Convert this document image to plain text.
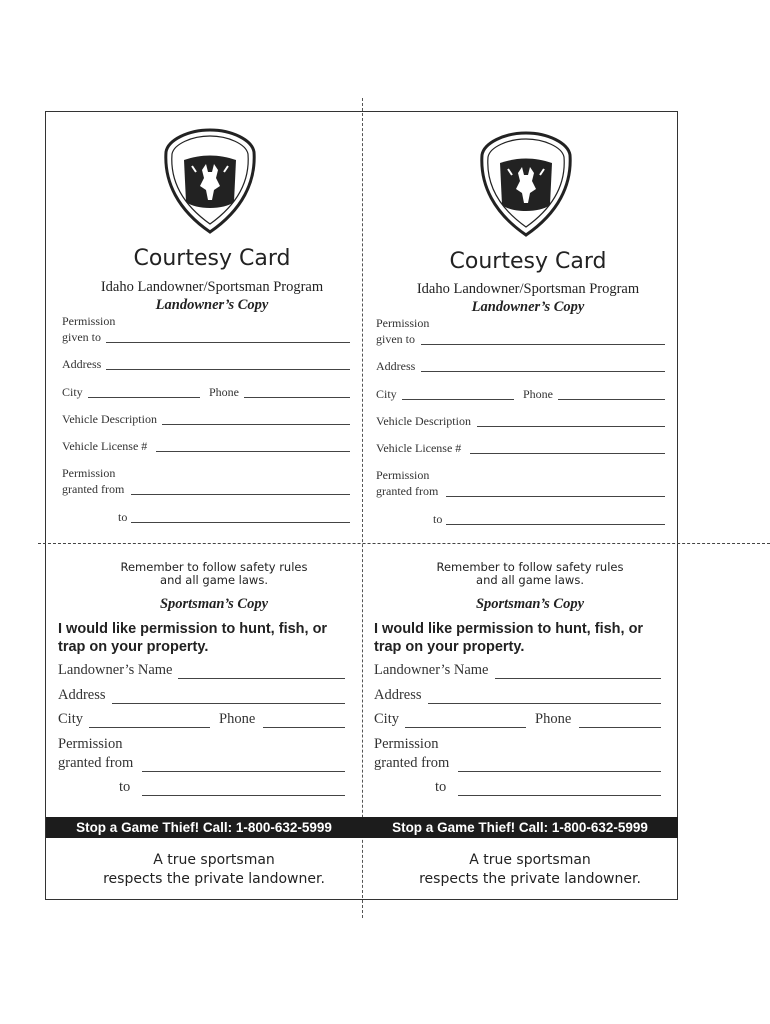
Courtesy Card
Idaho Landowner/Sportsman Program
Landowner’s Copy
Permission
given to
Address
City	Phone
Vehicle Description
Vehicle License #
Permission
granted from
to
Remember to follow safety rules
and all game laws.
Sportsman’s Copy
I would like permission to hunt, fish, or
trap on your property.
Landowner’s Name
Address
City	Phone
Permission
granted from
to
A true sportsman
respects the private landowner.
Courtesy Card
Idaho Landowner/Sportsman Program
Landowner’s Copy
Permission
given to
Address
City	Phone
Vehicle Description
Vehicle License #
Permission
granted from
to
Remember to follow safety rules
and all game laws.
Sportsman’s Copy
I would like permission to hunt, fish, or
trap on your property.
Landowner’s Name
Address
City	Phone
Permission
granted from
to
A true sportsman
respects the private landowner.
Stop a Game Thief! Call: 1-800-632-5999	Stop a Game Thief! Call: 1-800-632-5999
